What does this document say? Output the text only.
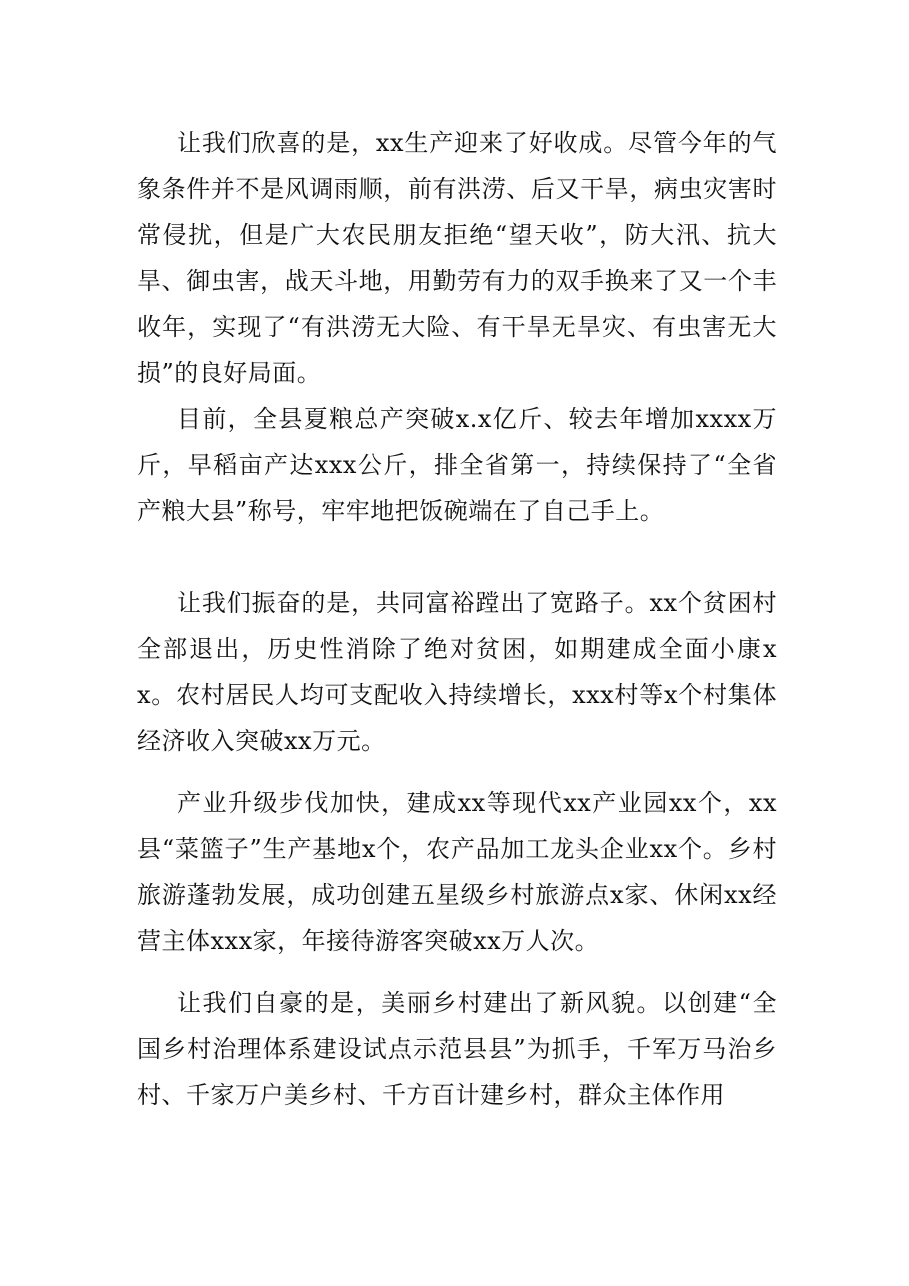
让我们欣喜的是，xx生产迎来了好收成。尽管今年的气象条件并不是风调雨顺，前有洪涝、后又干旱，病虫灾害时常侵扰，但是广大农民朋友拒绝“望天收”，防大汛、抗大旱、御虫害，战天斗地，用勤劳有力的双手换来了又一个丰收年，实现了“有洪涝无大险、有干旱无旱灾、有虫害无大损”的良好局面。

目前，全县夏粮总产突破x.x亿斤、较去年增加xxxx万斤，早稻亩产达xxx公斤，排全省第一，持续保持了“全省产粮大县”称号，牢牢地把饭碗端在了自己手上。

让我们振奋的是，共同富裕蹚出了宽路子。xx个贫困村全部退出，历史性消除了绝对贫困，如期建成全面小康xx。农村居民人均可支配收入持续增长，xxx村等x个村集体经济收入突破xx万元。

产业升级步伐加快，建成xx等现代xx产业园xx个，xx县“菜篮子”生产基地x个，农产品加工龙头企业xx个。乡村旅游蓬勃发展，成功创建五星级乡村旅游点x家、休闲xx经营主体xxx家，年接待游客突破xx万人次。

让我们自豪的是，美丽乡村建出了新风貌。以创建“全国乡村治理体系建设试点示范县县”为抓手，千军万马治乡村、千家万户美乡村、千方百计建乡村，群众主体作用
